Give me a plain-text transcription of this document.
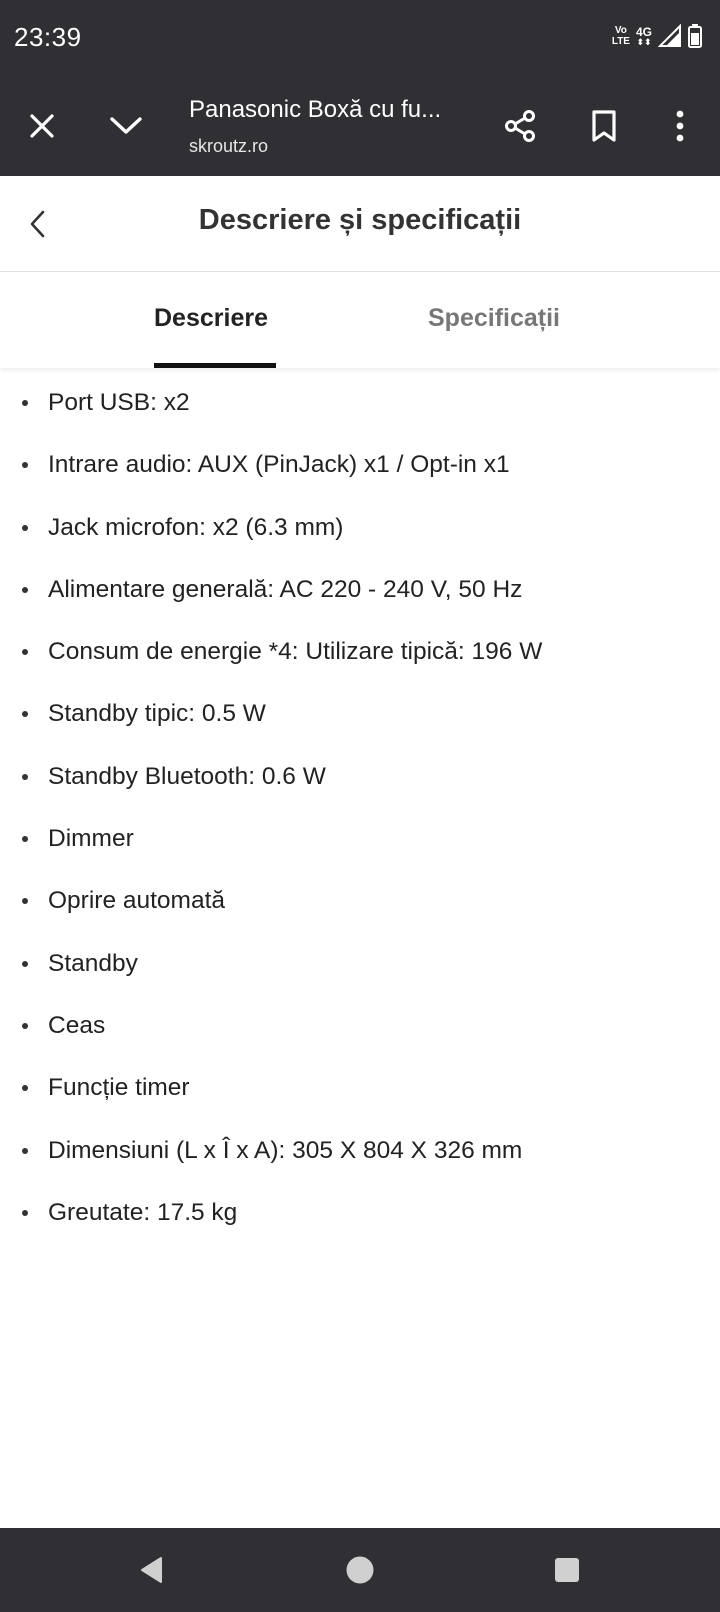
23:39	Vo
LTE
4G
⬍⬍
Panasonic Boxă cu fu...
skroutz.ro
Descriere și specificații
Descriere	Specificații
Port USB: x2
Intrare audio: AUX (PinJack) x1 / Opt-in x1
Jack microfon: x2 (6.3 mm)
Alimentare generală: AC 220 - 240 V, 50 Hz
Consum de energie *4: Utilizare tipică: 196 W
Standby tipic: 0.5 W
Standby Bluetooth: 0.6 W
Dimmer
Oprire automată
Standby
Ceas
Funcție timer
Dimensiuni (L x Î x A): 305 X 804 X 326 mm
Greutate: 17.5 kg
